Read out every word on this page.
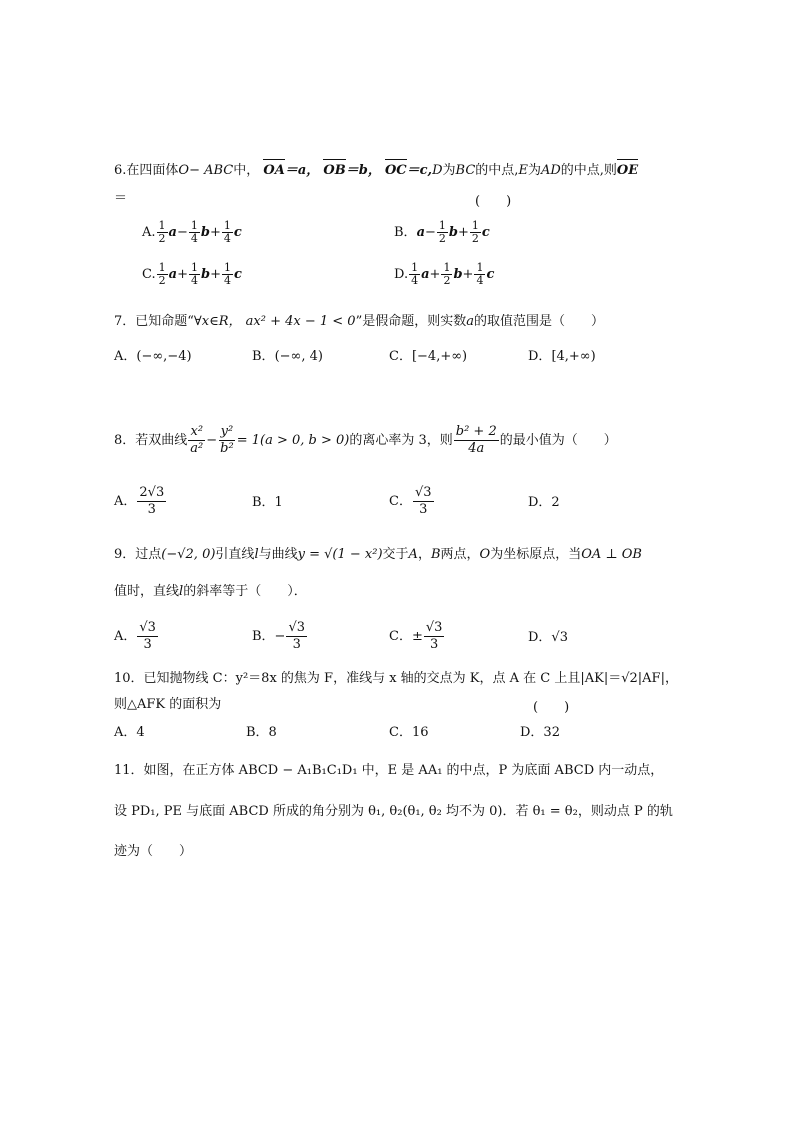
6.在四面体O− ABC中， OA＝a， OB＝b， OC＝c,D为BC的中点,E为AD的中点,则OE
＝	(　　)
A. $\frac{1}{2} a- \frac{1}{4} b+ \frac{1}{4}$ c	B．$a- \frac{1}{2} b+ \frac{1}{2}$ c
C. $\frac{1}{2} a+ \frac{1}{4} b+ \frac{1}{4}$ c	D. $\frac{1}{4} a+ \frac{1}{2} b+ \frac{1}{4}$ c
7．已知命题“∀x∈R， ax² + 4x − 1 < 0”是假命题，则实数a的取值范围是（　　）
A．(−∞,−4)	B．(−∞, 4)	C．[−4,+∞)	D．[4,+∞)
8．若双曲线 $\frac{\text{x²}}{\text{a²}} - \frac{\text{y²}}{\text{b²}} = 1(a > 0$, b > 0)的离心率为 3，则 $\frac{\text{b² + 2}}{4a}$ 的最小值为（　　）
A． $\frac{2√3}{3}$	B．1	C． $\frac{√3}{3}$	D．2
9．过点(−√2, 0)引直线l与曲线y = √(1 − x²)交于A，B两点，O为坐标原点，当OA ⊥ OB
值时，直线l的斜率等于（　　）．
A． $\frac{√3}{3}$	B．− $\frac{√3}{3}$	C．± $\frac{√3}{3}$	D．√3
10．已知抛物线 C：y²＝8x 的焦为 F，准线与 x 轴的交点为 K，点 A 在 C 上且|AK|＝√2|AF|，
则△AFK 的面积为	(　　)
A．4	B．8	C．16	D．32
11．如图，在正方体 ABCD − A₁B₁C₁D₁ 中，E 是 AA₁ 的中点，P 为底面 ABCD 内一动点，
设 PD₁, PE 与底面 ABCD 所成的角分别为 θ₁, θ₂(θ₁, θ₂ 均不为 0)．若 θ₁ = θ₂，则动点 P 的轨
迹为（　　）
